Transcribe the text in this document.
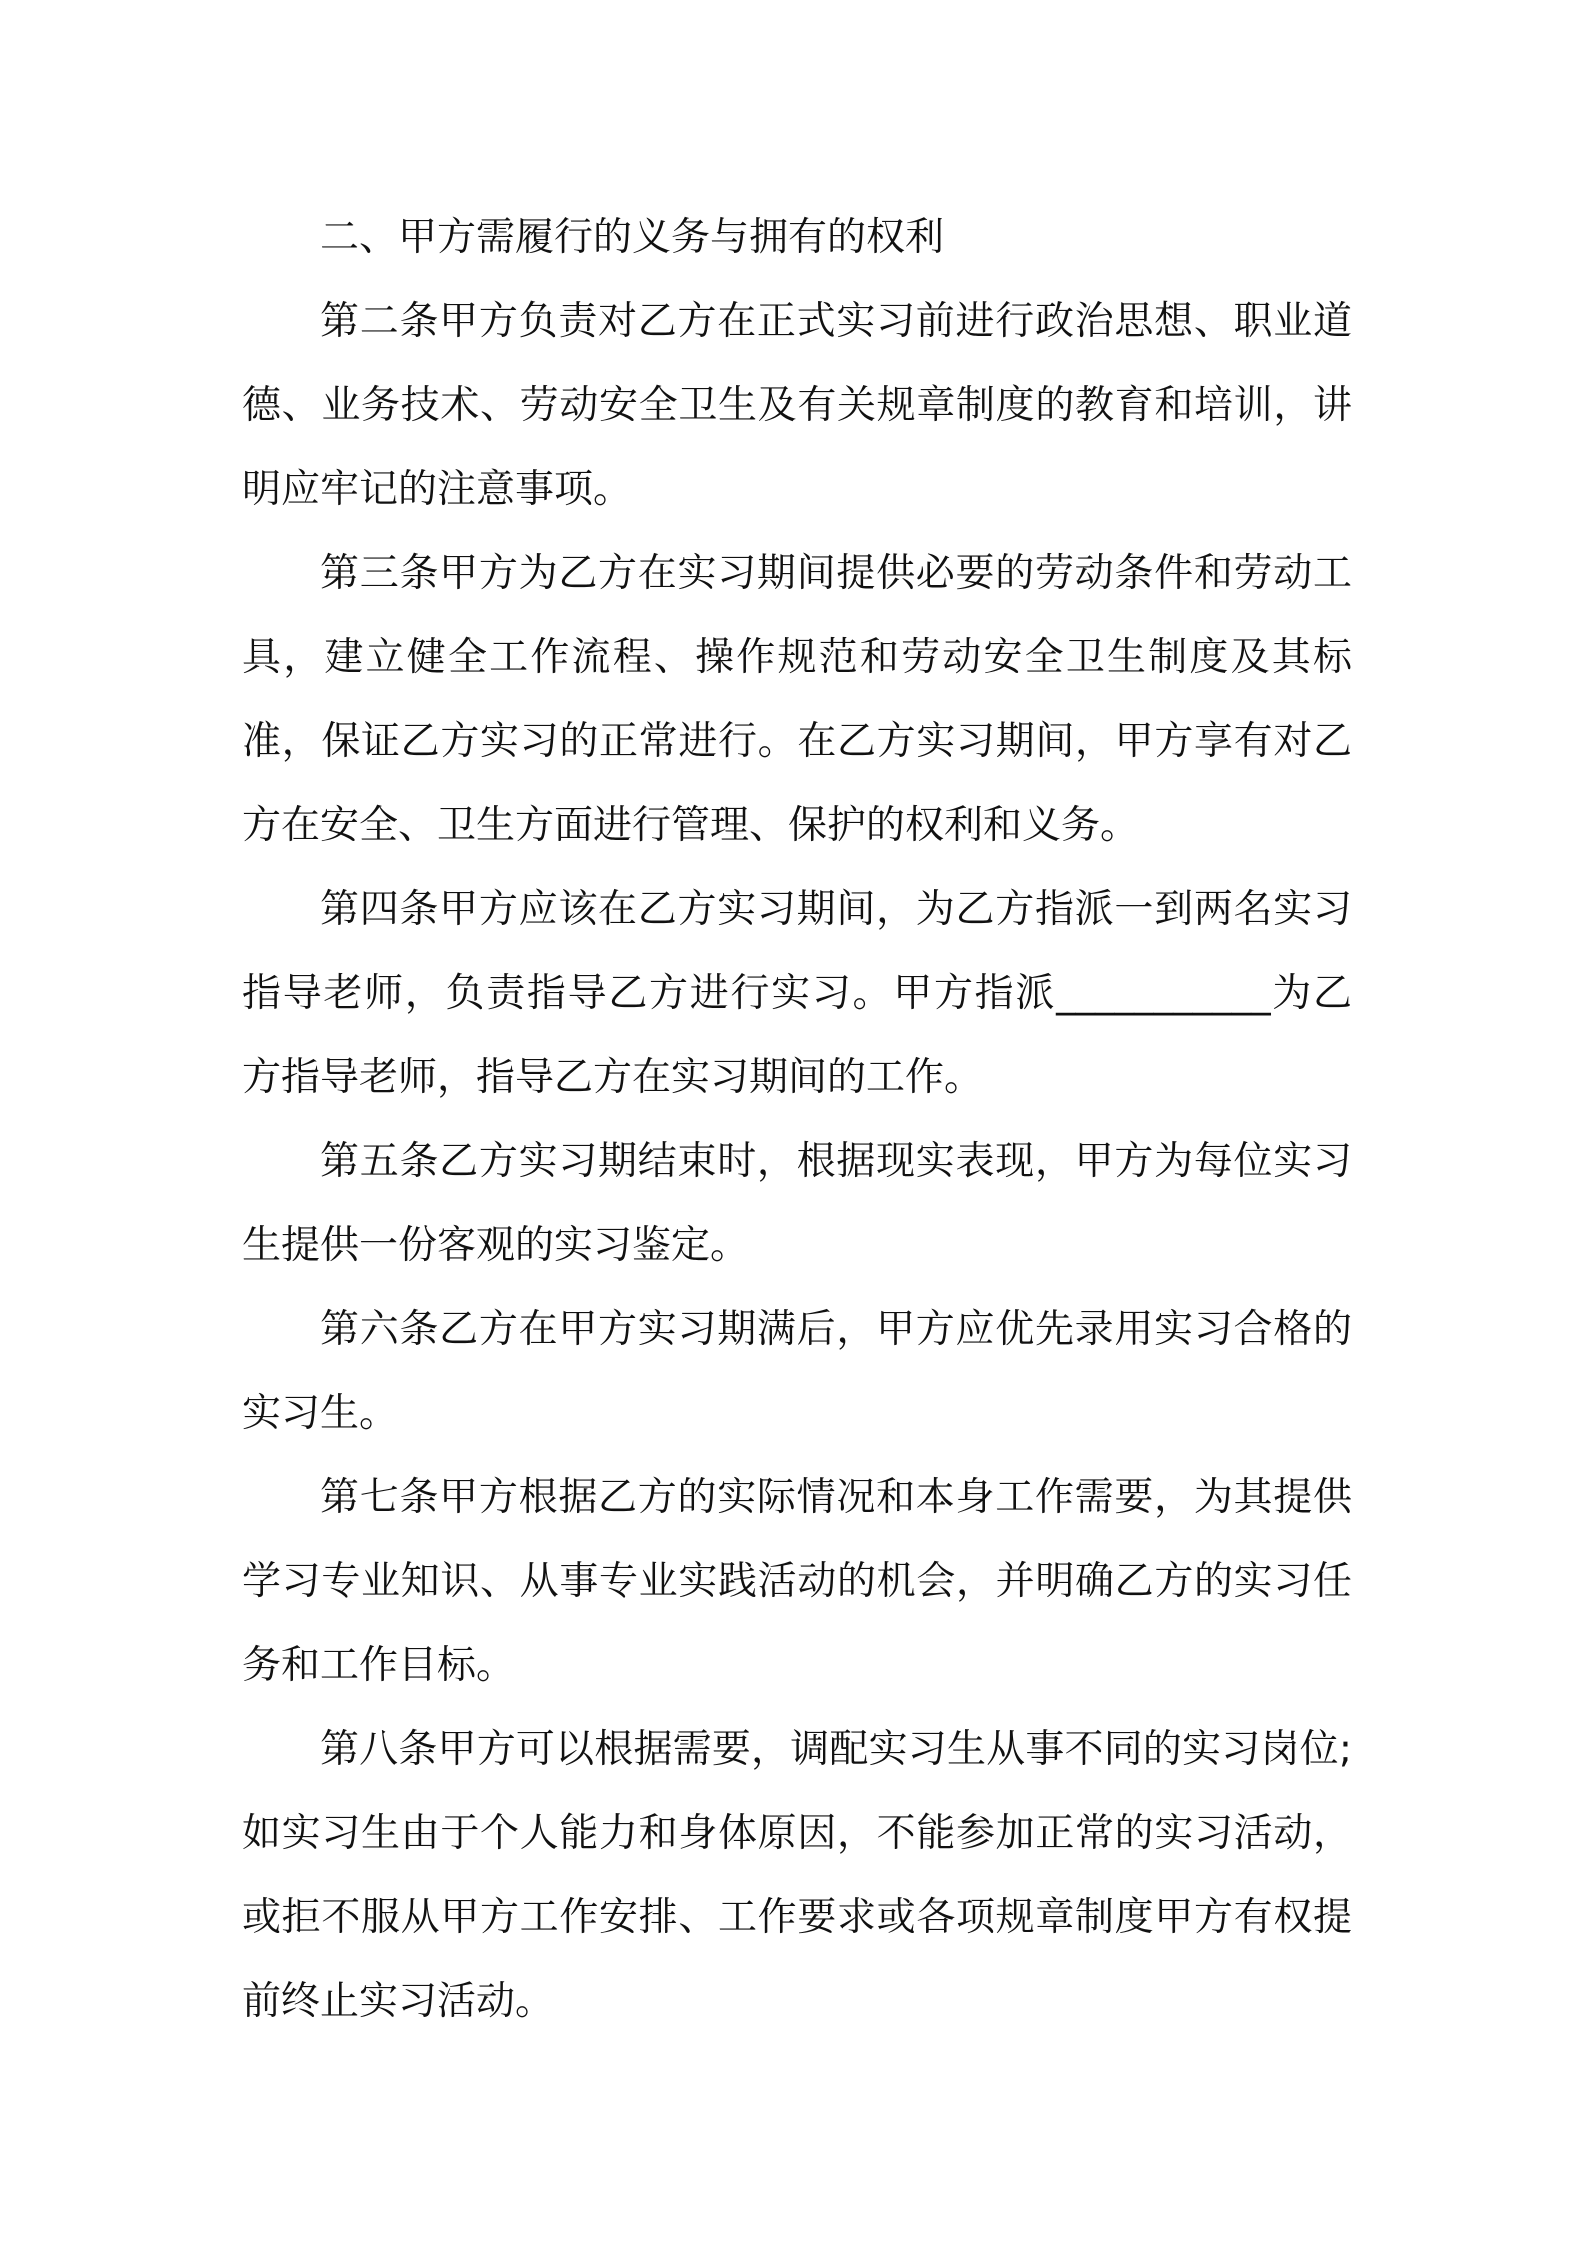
二、甲方需履行的义务与拥有的权利

第二条甲方负责对乙方在正式实习前进行政治思想、职业道德、业务技术、劳动安全卫生及有关规章制度的教育和培训，讲明应牢记的注意事项。

第三条甲方为乙方在实习期间提供必要的劳动条件和劳动工具，建立健全工作流程、操作规范和劳动安全卫生制度及其标准，保证乙方实习的正常进行。在乙方实习期间，甲方享有对乙方在安全、卫生方面进行管理、保护的权利和义务。

第四条甲方应该在乙方实习期间，为乙方指派一到两名实习指导老师，负责指导乙方进行实习。甲方指派___________为乙方指导老师，指导乙方在实习期间的工作。

第五条乙方实习期结束时，根据现实表现，甲方为每位实习生提供一份客观的实习鉴定。

第六条乙方在甲方实习期满后，甲方应优先录用实习合格的实习生。

第七条甲方根据乙方的实际情况和本身工作需要，为其提供学习专业知识、从事专业实践活动的机会，并明确乙方的实习任务和工作目标。

第八条甲方可以根据需要，调配实习生从事不同的实习岗位;如实习生由于个人能力和身体原因，不能参加正常的实习活动，或拒不服从甲方工作安排、工作要求或各项规章制度甲方有权提前终止实习活动。
